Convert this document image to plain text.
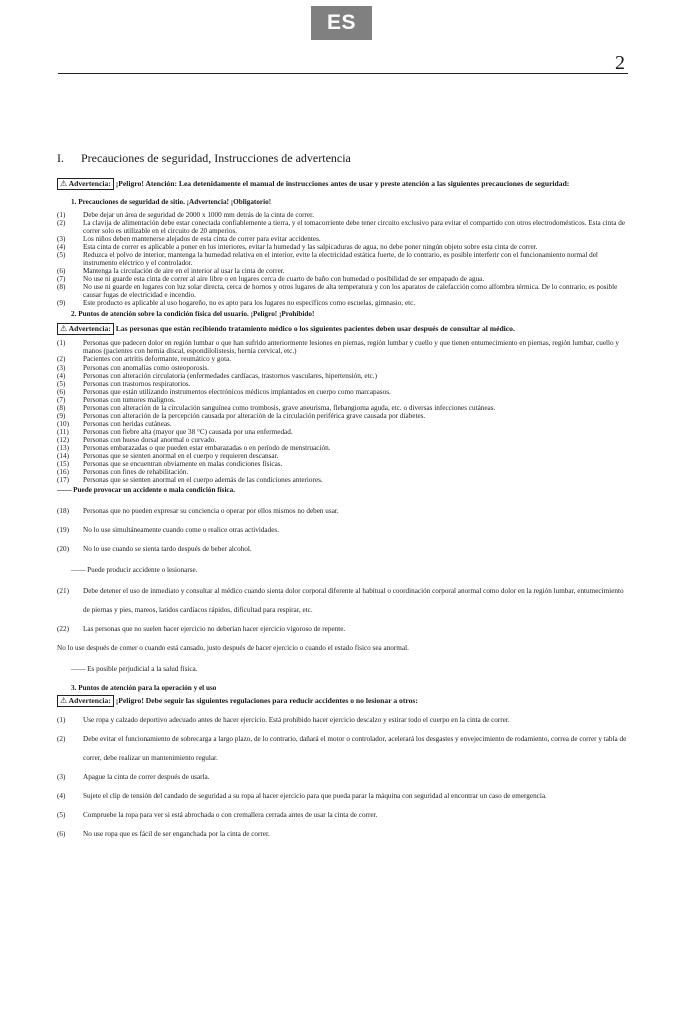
ES
2
I.	Precauciones de seguridad, Instrucciones de advertencia
⚠ Advertencia: ¡Peligro! Atención: Lea detenidamente el manual de instrucciones antes de usar y preste atención a las siguientes precauciones de seguridad:
1. Precauciones de seguridad de sitio. ¡Advertencia! ¡Obligatorio!
(1)	Debe dejar un área de seguridad de 2000 x 1000 mm detrás de la cinta de correr.
(2)	La clavija de alimentación debe estar conectada confiablemente a tierra, y el tomacorriente debe tener circuito exclusivo para evitar el compartido con otros electrodomésticos. Esta cinta de correr solo es utilizable en el circuito de 20 amperios.
(3)	Los niños deben mantenerse alejados de esta cinta de correr para evitar accidentes.
(4)	Esta cinta de correr es aplicable a poner en los interiores, evitar la humedad y las salpicaduras de agua, no debe poner ningún objeto sobre esta cinta de correr.
(5)	Reduzca el polvo de interior, mantenga la humedad relativa en el interior, evite la electricidad estática fuerte, de lo contrario, es posible interferir con el funcionamiento normal del instrumento eléctrico y el controlador.
(6)	Mantenga la circulación de aire en el interior al usar la cinta de correr.
(7)	No use ni guarde esta cinta de correr al aire libre o en lugares cerca de cuarto de baño con humedad o posibilidad de ser empapado de agua.
(8)	No use ni guarde en lugares con luz solar directa, cerca de hornos y otros lugares de alta temperatura y con los aparatos de calefacción como alfombra térmica. De lo contrario, es posible causar fugas de electricidad e incendio.
(9)	Este producto es aplicable al uso hogareño, no es apto para los lugares no específicos como escuelas, gimnasio, etc.
2. Puntos de atención sobre la condición física del usuario. ¡Peligro! ¡Prohibido!
⚠ Advertencia: Las personas que están recibiendo tratamiento médico o los siguientes pacientes deben usar después de consultar al médico.
(1)	Personas que padecen dolor en región lumbar o que han sufrido anteriormente lesiones en piernas, región lumbar y cuello y que tienen entumecimiento en piernas, región lumbar, cuello y manos (pacientes con hernia discal, espondilolistesis, hernia cervical, etc.)
(2)	Pacientes con artritis deformante, reumático y gota.
(3)	Personas con anomalías como osteoporosis.
(4)	Personas con alteración circulatoria (enfermedades cardíacas, trastornos vasculares, hipertensión, etc.)
(5)	Personas con trastornos respiratorios.
(6)	Personas que están utilizando instrumentos electrónicos médicos implantados en cuerpo como marcapasos.
(7)	Personas con tumores malignos.
(8)	Personas con alteración de la circulación sanguínea como trombosis, grave aneurisma, flebangioma aguda, etc. o diversas infecciones cutáneas.
(9)	Personas con alteración de la percepción causada por alteración de la circulación periférica grave causada por diabetes.
(10)	Personas con heridas cutáneas.
(11)	Personas con fiebre alta (mayor que 38 °C) causada por una enfermedad.
(12)	Personas con hueso dorsal anormal o curvado.
(13)	Personas embarazadas o que pueden estar embarazadas o en período de menstruación.
(14)	Personas que se sienten anormal en el cuerpo y requieren descansar.
(15)	Personas que se encuentran obviamente en malas condiciones físicas.
(16)	Personas con fines de rehabilitación.
(17)	Personas que se sienten anormal en el cuerpo además de las condiciones anteriores.
—— Puede provocar un accidente o mala condición física.
(18)	Personas que no pueden expresar su conciencia o operar por ellos mismos no deben usar.
(19)	No lo use simultáneamente cuando come o realice otras actividades.
(20)	No lo use cuando se sienta tardo después de beber alcohol.
—— Puede producir accidente o lesionarse.
(21)	Debe detener el uso de inmediato y consultar al médico cuando sienta dolor corporal diferente al habitual o coordinación corporal anormal como dolor en la región lumbar, entumecimiento de piernas y pies, mareos, latidos cardíacos rápidos, dificultad para respirar, etc.
(22)	Las personas que no suelen hacer ejercicio no deberían hacer ejercicio vigoroso de repente.
No lo use después de comer o cuando está cansado, justo después de hacer ejercicio o cuando el estado físico sea anormal.
—— Es posible perjudicial a la salud física.
3. Puntos de atención para la operación y el uso
⚠ Advertencia: ¡Peligro! Debe seguir las siguientes regulaciones para reducir accidentes o no lesionar a otros:
(1)	Use ropa y calzado deportivo adecuado antes de hacer ejercicio. Está prohibido hacer ejercicio descalzo y estirar todo el cuerpo en la cinta de correr.
(2)	Debe evitar el funcionamiento de sobrecarga a largo plazo, de lo contrario, dañará el motor o controlador, acelerará los desgastes y envejecimiento de rodamiento, correa de correr y tabla de correr, debe realizar un mantenimiento regular.
(3)	Apague la cinta de correr después de usarla.
(4)	Sujete el clip de tensión del candado de seguridad a su ropa al hacer ejercicio para que pueda parar la máquina con seguridad al encontrar un caso de emergencia.
(5)	Compruebe la ropa para ver si está abrochada o con cremallera cerrada antes de usar la cinta de correr.
(6)	No use ropa que es fácil de ser enganchada por la cinta de correr.
